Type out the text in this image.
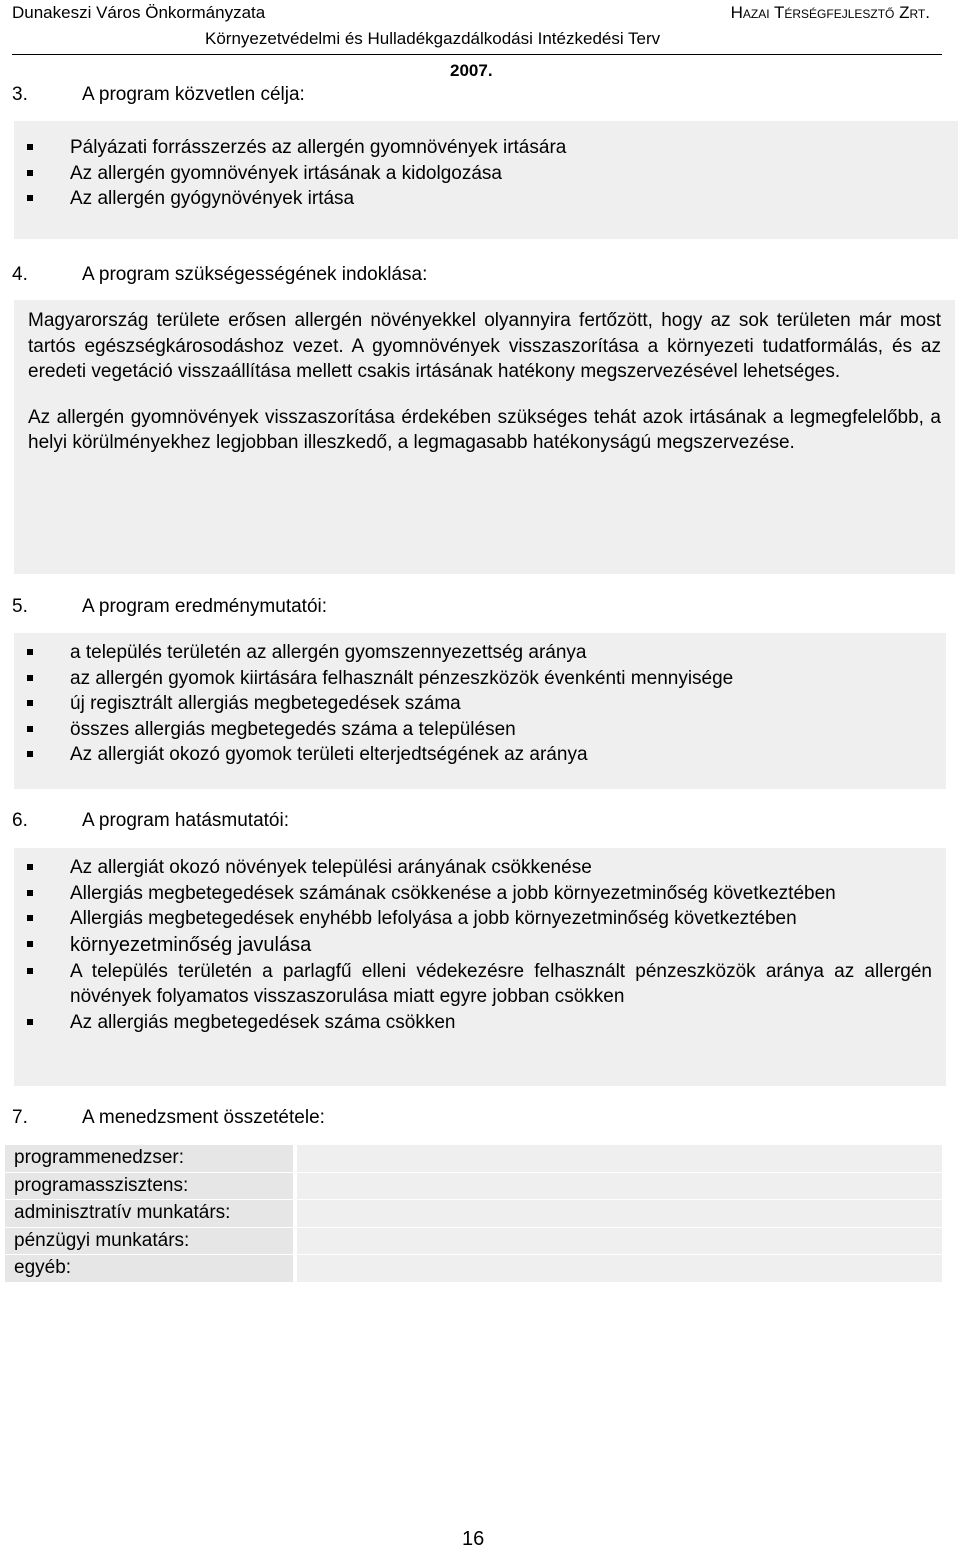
Dunakeszi Város Önkormányzata	Hazai Térségfejlesztő Zrt.
Környezetvédelmi és Hulladékgazdálkodási Intézkedési Terv
2007.
3.	A program közvetlen célja:
Pályázati forrásszerzés az allergén gyomnövények irtására
Az allergén gyomnövények irtásának a kidolgozása
Az allergén gyógynövények irtása
4.	A program szükségességének indoklása:
Magyarország területe erősen allergén növényekkel olyannyira fertőzött, hogy az sok területen már most tartós egészségkárosodáshoz vezet. A gyomnövények visszaszorítása a környezeti tudatformálás, és az eredeti vegetáció visszaállítása mellett csakis irtásának hatékony megszervezésével lehetséges.
Az allergén gyomnövények visszaszorítása érdekében szükséges tehát azok irtásának a legmegfelelőbb, a helyi körülményekhez legjobban illeszkedő, a legmagasabb hatékonyságú megszervezése.
5.	A program eredménymutatói:
a település területén az allergén gyomszennyezettség aránya
az allergén gyomok kiirtására felhasznált pénzeszközök évenkénti mennyisége
új regisztrált allergiás megbetegedések száma
összes allergiás megbetegedés száma a településen
Az allergiát okozó gyomok területi elterjedtségének az aránya
6.	A program hatásmutatói:
Az allergiát okozó növények települési arányának csökkenése
Allergiás megbetegedések számának csökkenése a jobb környezetminőség következtében
Allergiás megbetegedések enyhébb lefolyása a jobb környezetminőség következtében
környezetminőség javulása
A település területén a parlagfű elleni védekezésre felhasznált pénzeszközök aránya az allergén növények folyamatos visszaszorulása miatt egyre jobban csökken
Az allergiás megbetegedések száma csökken
7.	A menedzsment összetétele:
programmenedzser:		
programasszisztens:		
adminisztratív munkatárs:		
pénzügyi munkatárs:		
egyéb:		
16
